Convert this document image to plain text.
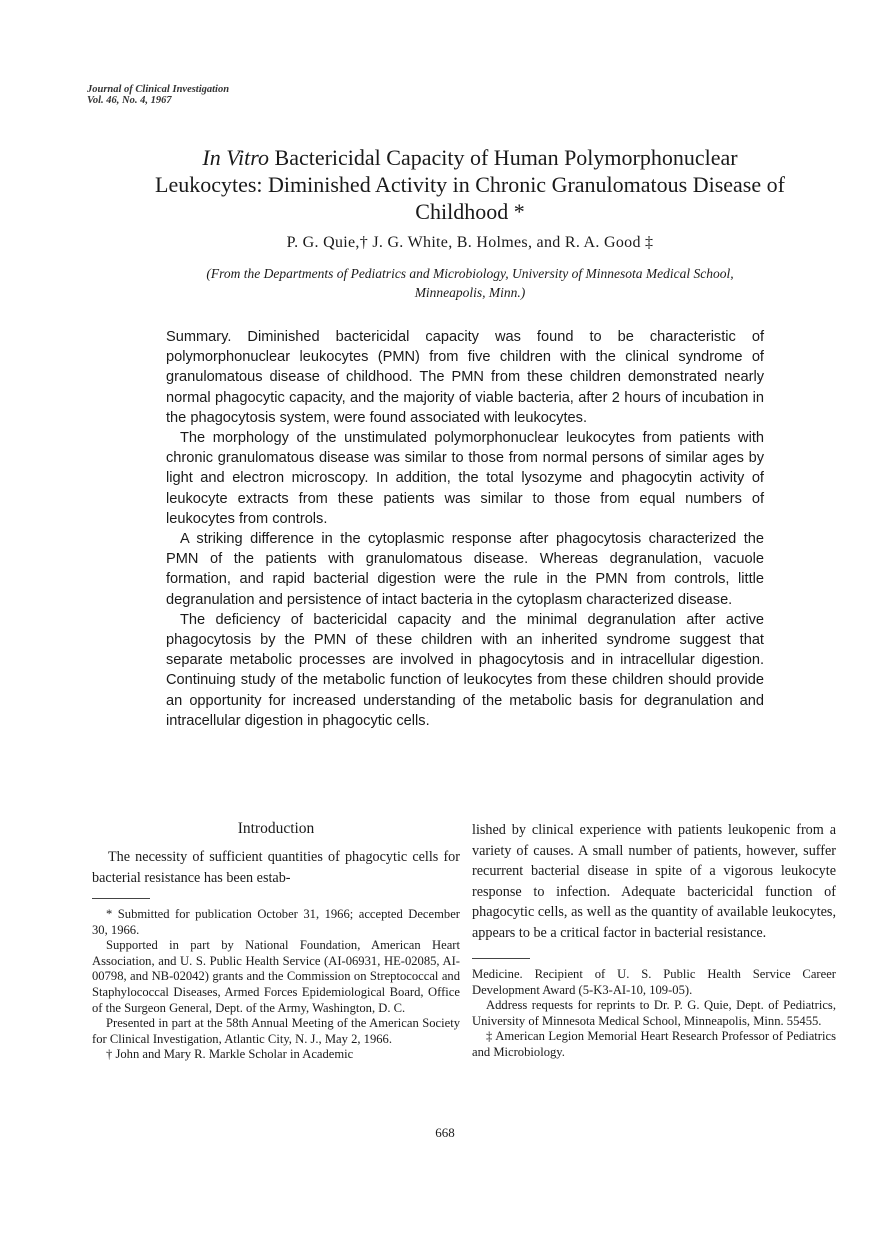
Journal of Clinical Investigation
Vol. 46, No. 4, 1967
In Vitro Bactericidal Capacity of Human Polymorphonuclear Leukocytes: Diminished Activity in Chronic Granulomatous Disease of Childhood *
P. G. Quie,† J. G. White, B. Holmes, and R. A. Good ‡
(From the Departments of Pediatrics and Microbiology, University of Minnesota Medical School, Minneapolis, Minn.)

Summary. Diminished bactericidal capacity was found to be characteristic of polymorphonuclear leukocytes (PMN) from five children with the clinical syndrome of granulomatous disease of childhood. The PMN from these children demonstrated nearly normal phagocytic capacity, and the majority of viable bacteria, after 2 hours of incubation in the phagocytosis system, were found associated with leukocytes.

The morphology of the unstimulated polymorphonuclear leukocytes from patients with chronic granulomatous disease was similar to those from normal persons of similar ages by light and electron microscopy. In addition, the total lysozyme and phagocytin activity of leukocyte extracts from these patients was similar to those from equal numbers of leukocytes from controls.

A striking difference in the cytoplasmic response after phagocytosis characterized the PMN of the patients with granulomatous disease. Whereas degranulation, vacuole formation, and rapid bacterial digestion were the rule in the PMN from controls, little degranulation and persistence of intact bacteria in the cytoplasm characterized disease.

The deficiency of bactericidal capacity and the minimal degranulation after active phagocytosis by the PMN of these children with an inherited syndrome suggest that separate metabolic processes are involved in phagocytosis and in intracellular digestion. Continuing study of the metabolic function of leukocytes from these children should provide an opportunity for increased understanding of the metabolic basis for degranulation and intracellular digestion in phagocytic cells.

Introduction

The necessity of sufficient quantities of phagocytic cells for bacterial resistance has been estab-

* Submitted for publication October 31, 1966; accepted December 30, 1966.

Supported in part by National Foundation, American Heart Association, and U. S. Public Health Service (AI-06931, HE-02085, AI-00798, and NB-02042) grants and the Commission on Streptococcal and Staphylococcal Diseases, Armed Forces Epidemiological Board, Office of the Surgeon General, Dept. of the Army, Washington, D. C.

Presented in part at the 58th Annual Meeting of the American Society for Clinical Investigation, Atlantic City, N. J., May 2, 1966.

† John and Mary R. Markle Scholar in Academic

lished by clinical experience with patients leukopenic from a variety of causes. A small number of patients, however, suffer recurrent bacterial disease in spite of a vigorous leukocyte response to infection. Adequate bactericidal function of phagocytic cells, as well as the quantity of available leukocytes, appears to be a critical factor in bacterial resistance.

Medicine. Recipient of U. S. Public Health Service Career Development Award (5-K3-AI-10, 109-05).

Address requests for reprints to Dr. P. G. Quie, Dept. of Pediatrics, University of Minnesota Medical School, Minneapolis, Minn. 55455.

‡ American Legion Memorial Heart Research Professor of Pediatrics and Microbiology.

668
